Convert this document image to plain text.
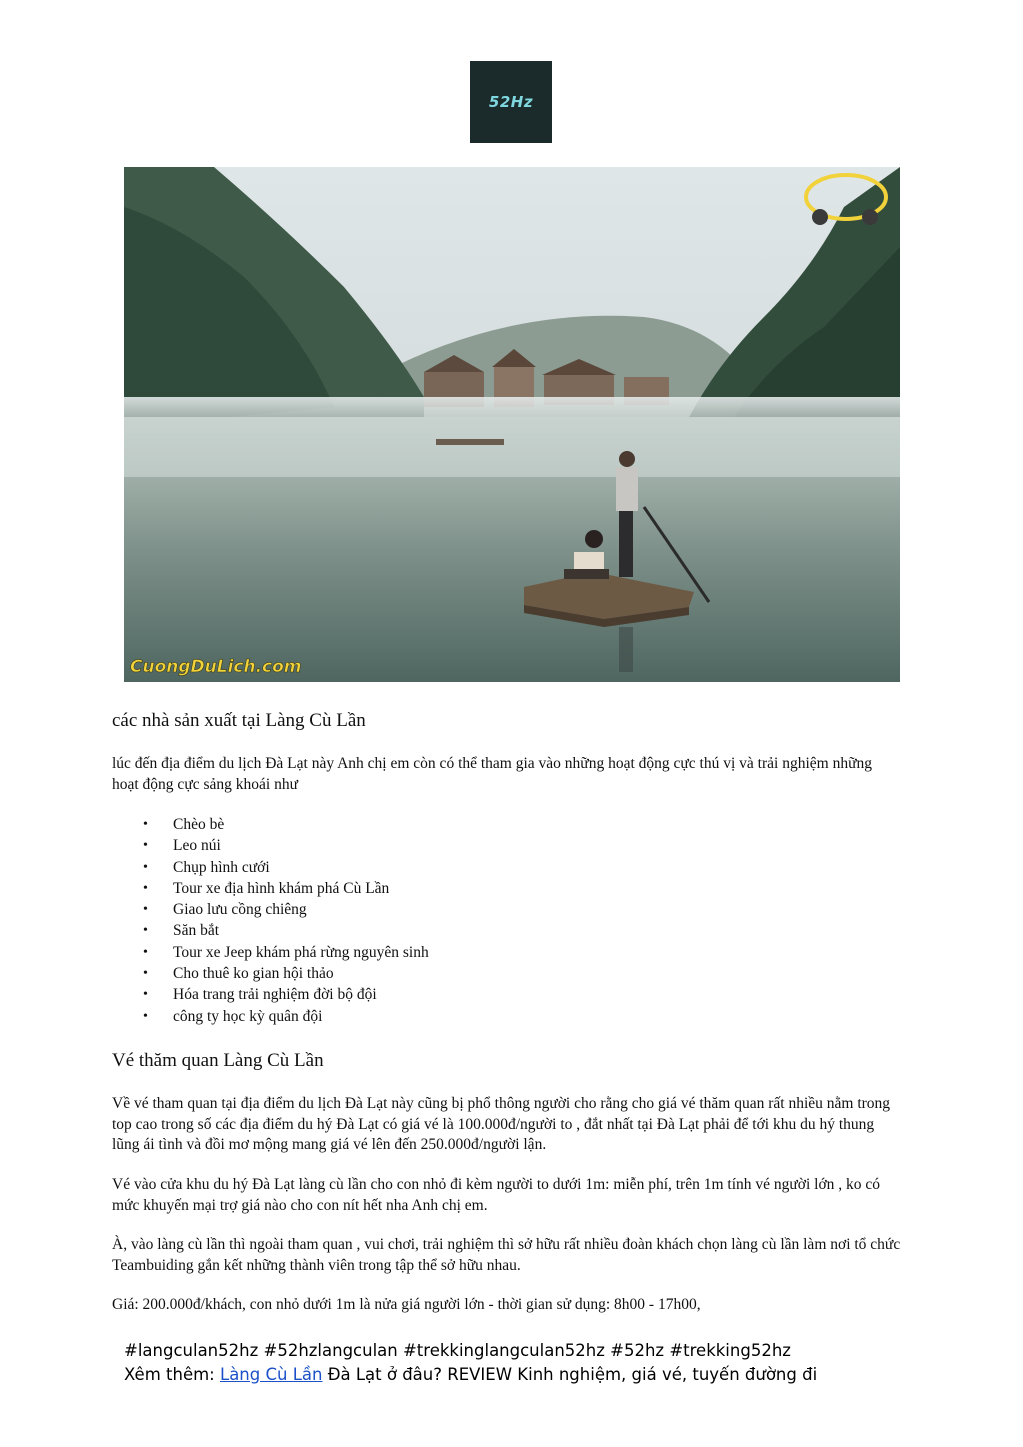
52Hz
CuongDuLich.com
các nhà sản xuất tại Làng Cù Lần

lúc đến địa điểm du lịch Đà Lạt này Anh chị em còn có thể tham gia vào những hoạt động cực thú vị và trải nghiệm những hoạt động cực sảng khoái như

• Chèo bè
• Leo núi
• Chụp hình cưới
• Tour xe địa hình khám phá Cù Lần
• Giao lưu cồng chiêng
• Săn bắt
• Tour xe Jeep khám phá rừng nguyên sinh
• Cho thuê ko gian hội thảo
• Hóa trang trải nghiệm đời bộ đội
• công ty học kỳ quân đội
Vé thăm quan Làng Cù Lần

Về vé tham quan tại địa điểm du lịch Đà Lạt này cũng bị phổ thông người cho rằng cho giá vé thăm quan rất nhiều nằm trong top cao trong số các địa điểm du hý Đà Lạt có giá vé là 100.000đ/người to , đắt nhất tại Đà Lạt phải để tới khu du hý thung lũng ái tình và đồi mơ mộng mang giá vé lên đến 250.000đ/người lận.

Vé vào cửa khu du hý Đà Lạt làng cù lần cho con nhỏ đi kèm người to dưới 1m: miễn phí, trên 1m tính vé người lớn , ko có mức khuyến mại trợ giá nào cho con nít hết nha Anh chị em.

À, vào làng cù lần thì ngoài tham quan , vui chơi, trải nghiệm thì sở hữu rất nhiều đoàn khách chọn làng cù lần làm nơi tổ chức Teambuiding gắn kết những thành viên trong tập thể sở hữu nhau.

Giá: 200.000đ/khách, con nhỏ dưới 1m là nửa giá người lớn - thời gian sử dụng: 8h00 - 17h00,

#langculan52hz #52hzlangculan #trekkinglangculan52hz #52hz #trekking52hz
Xêm thêm: Làng Cù Lần Đà Lạt ở đâu? REVIEW Kinh nghiệm, giá vé, tuyến đường đi
